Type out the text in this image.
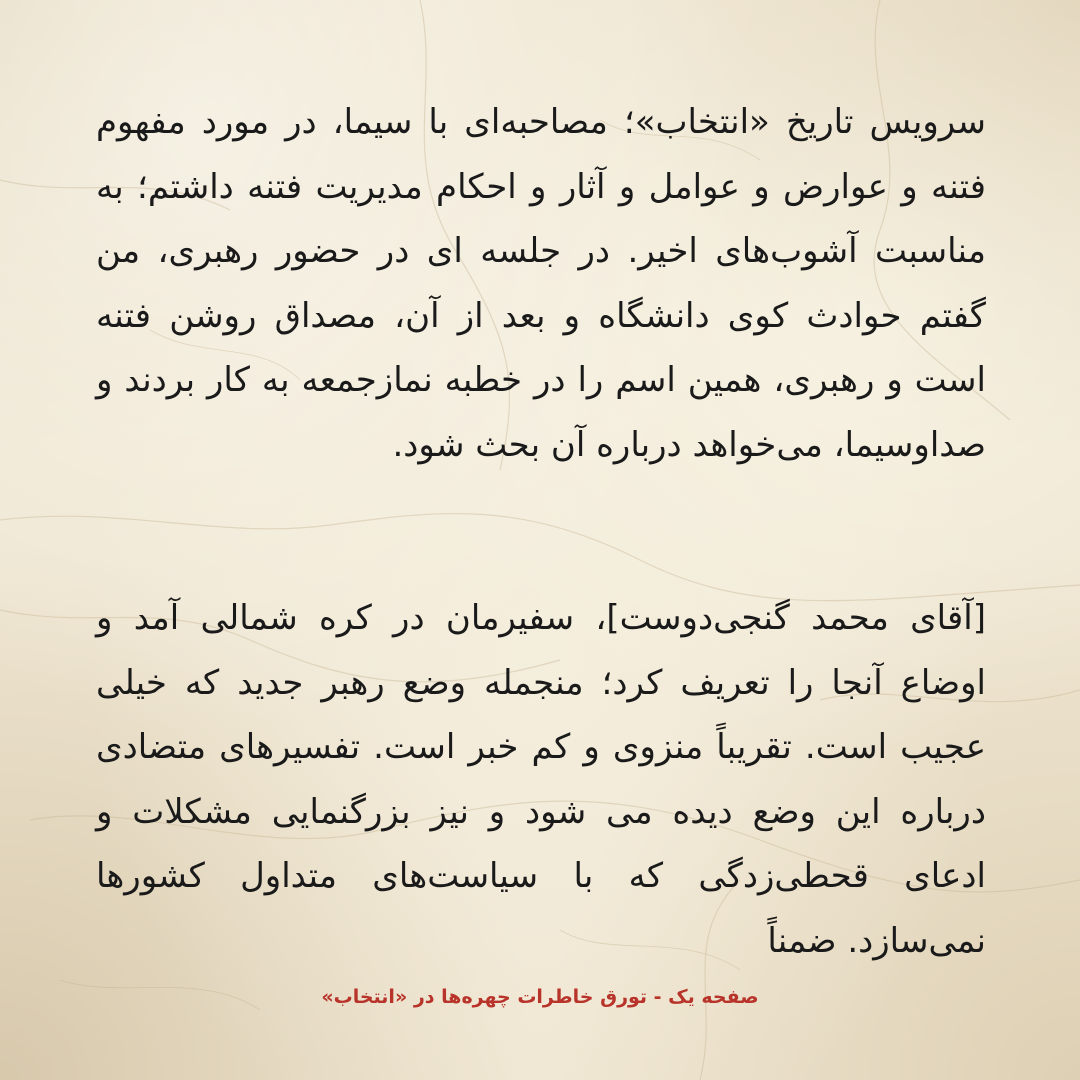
سرویس تاریخ «انتخاب»؛ مصاحبه‌ای با سیما، در مورد مفهوم فتنه و عوارض و عوامل و آثار و احکام مدیریت فتنه داشتم؛ به مناسبت آشوب‌های اخیر. در جلسه ای در حضور رهبری، من گفتم حوادث کوی دانشگاه و بعد از آن، مصداق روشن فتنه است و رهبری، همین اسم را در خطبه نمازجمعه به کار بردند و صداوسیما، می‌خواهد درباره آن بحث شود.

[آقای محمد گنجی‌دوست]، سفیرمان در کره شمالی آمد و اوضاع آنجا را تعریف کرد؛ منجمله وضع رهبر جدید که خیلی عجیب است. تقریباً منزوی و کم خبر است. تفسیرهای متضادی درباره این وضع دیده می شود و نیز بزرگنمایی مشکلات و ادعای قحطی‌زدگی که با سیاست‌های متداول کشورها نمی‌سازد. ضمناً

صفحه یک - تورق خاطرات چهره‌ها در «انتخاب»
